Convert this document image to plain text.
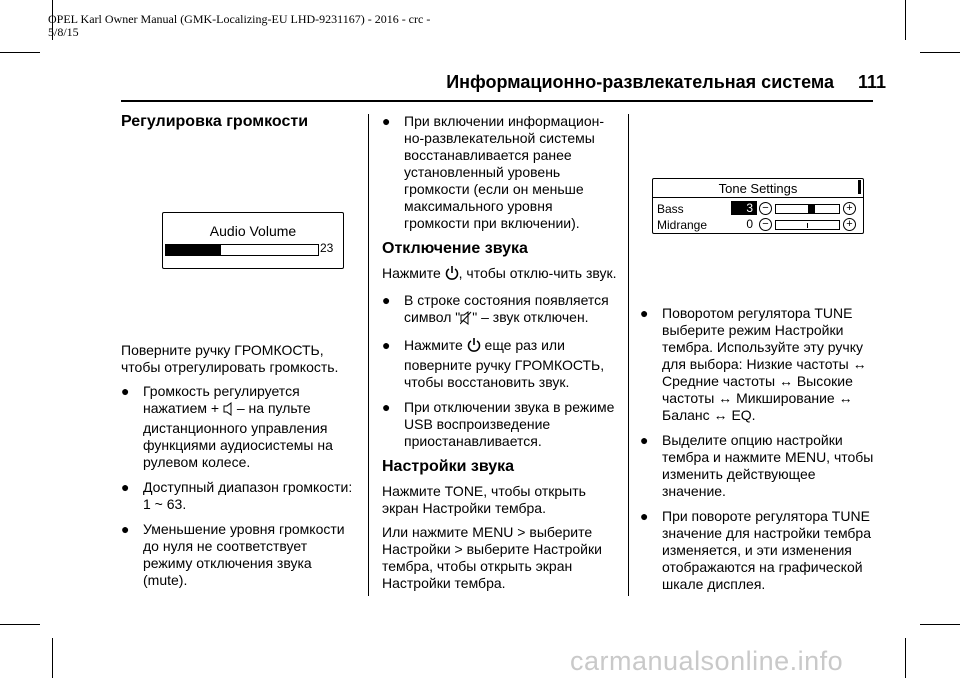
OPEL Karl Owner Manual (GMK-Localizing-EU LHD-9231167) - 2016 - crc -
5/8/15
Информационно-развлекательная система 111
Регулировка громкости
Audio Volume
23

Поверните ручку ГРОМКОСТЬ, чтобы отрегулировать громкость.

● Громкость регулируется нажатием +  – на пульте дистанционного управления функциями аудиосистемы на рулевом колесе.
● Доступный диапазон громкости: 1 ~ 63.
● Уменьшение уровня громкости до нуля не соответствует режиму отключения звука (mute).
● При включении информацион-но-развлекательной системы восстанавливается ранее установленный уровень громкости (если он меньше максимального уровня громкости при включении).
Отключение звука

Нажмите , чтобы отклю-чить звук.

● В строке состояния появляется символ " " – звук отключен.
● Нажмите  еще раз или поверните ручку ГРОМКОСТЬ, чтобы восстановить звук.
● При отключении звука в режиме USB воспроизведение приостанавливается.
Настройки звука

Нажмите TONE, чтобы открыть экран Настройки тембра.

Или нажмите MENU > выберите Настройки > выберите Настройки тембра, чтобы открыть экран Настройки тембра.

Tone Settings
Bass	3 −	+
Midrange	0 −	+
● Поворотом регулятора TUNE выберите режим Настройки тембра. Используйте эту ручку для выбора: Низкие частоты ↔ Средние частоты ↔ Высокие частоты ↔ Микширование ↔ Баланс ↔ EQ.
● Выделите опцию настройки тембра и нажмите MENU, чтобы изменить действующее значение.
● При повороте регулятора TUNE значение для настройки тембра изменяется, и эти изменения отображаются на графической шкале дисплея.
carmanualsonline.info
